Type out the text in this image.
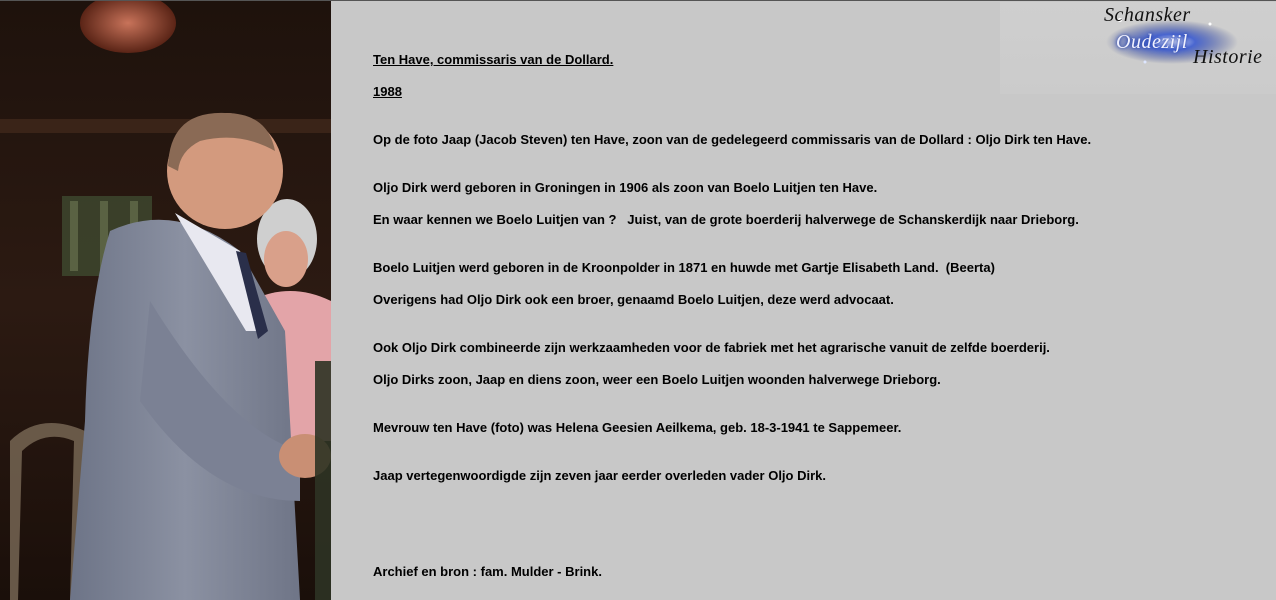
Schansker
Oudezijl
Historie
Ten Have, commissaris van de Dollard.
1988
Op de foto Jaap (Jacob Steven) ten Have, zoon van de gedelegeerd commissaris van de Dollard : Oljo Dirk ten Have.
Oljo Dirk werd geboren in Groningen in 1906 als zoon van Boelo Luitjen ten Have.
En waar kennen we Boelo Luitjen van ?   Juist, van de grote boerderij halverwege de Schanskerdijk naar Drieborg.
Boelo Luitjen werd geboren in de Kroonpolder in 1871 en huwde met Gartje Elisabeth Land.  (Beerta)
Overigens had Oljo Dirk ook een broer, genaamd Boelo Luitjen, deze werd advocaat.
Ook Oljo Dirk combineerde zijn werkzaamheden voor de fabriek met het agrarische vanuit de zelfde boerderij.
Oljo Dirks zoon, Jaap en diens zoon, weer een Boelo Luitjen woonden halverwege Drieborg.
Mevrouw ten Have (foto) was Helena Geesien Aeilkema, geb. 18-3-1941 te Sappemeer.
Jaap vertegenwoordigde zijn zeven jaar eerder overleden vader Oljo Dirk.
Archief en bron : fam. Mulder - Brink.
